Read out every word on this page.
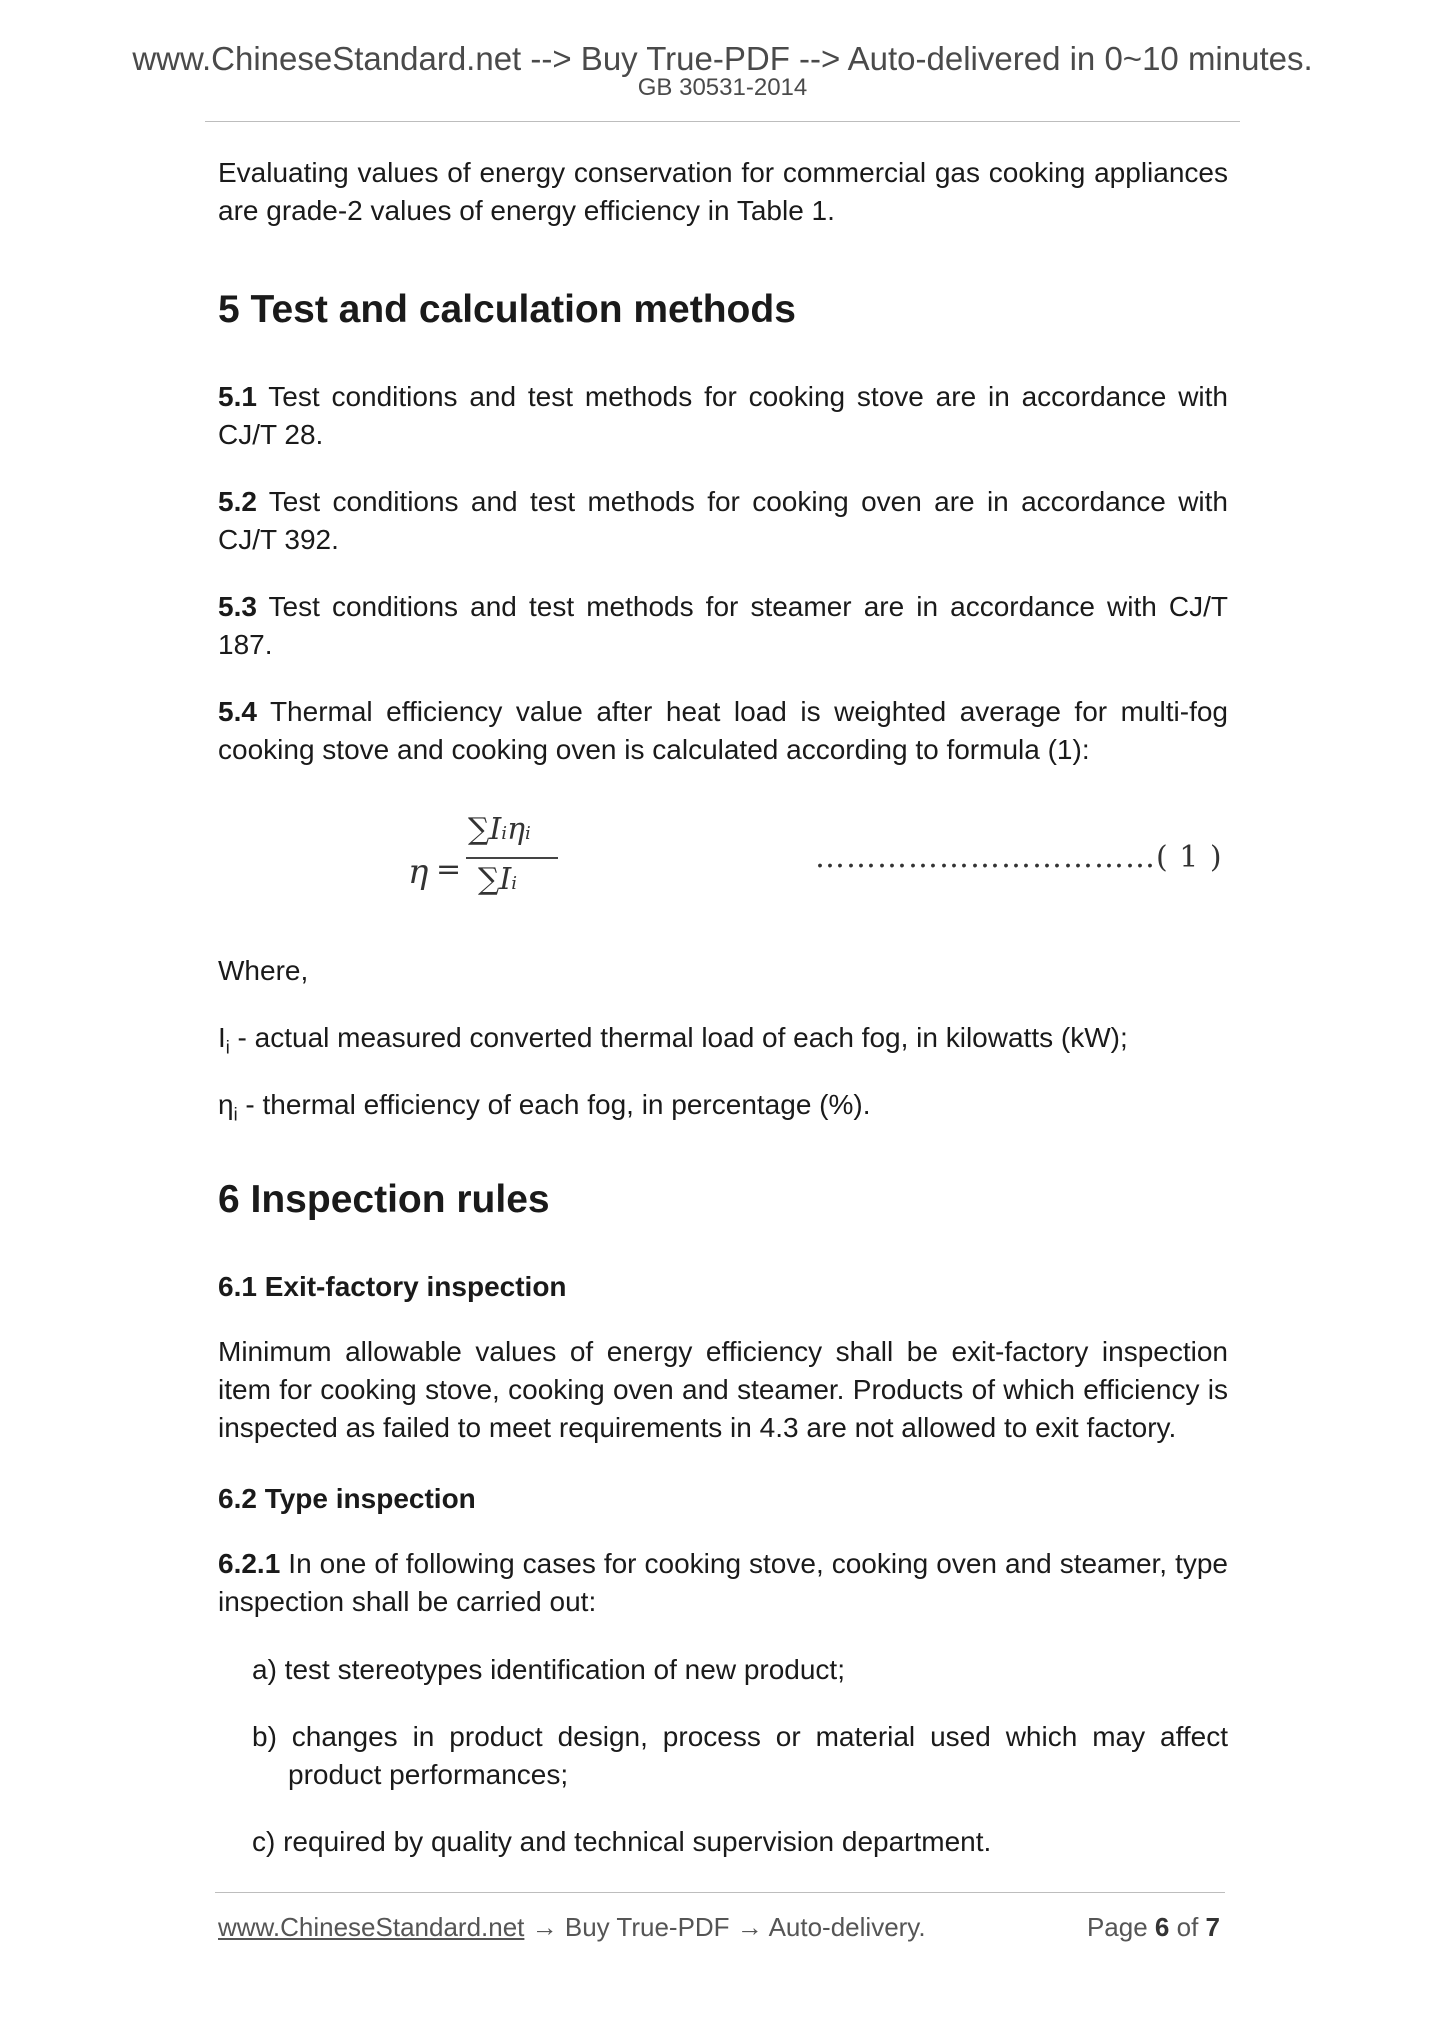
www.ChineseStandard.net --> Buy True-PDF --> Auto-delivered in 0~10 minutes.
GB 30531-2014
Evaluating values of energy conservation for commercial gas cooking appliances are grade-2 values of energy efficiency in Table 1.
5 Test and calculation methods
5.1 Test conditions and test methods for cooking stove are in accordance with CJ/T 28.
5.2 Test conditions and test methods for cooking oven are in accordance with CJ/T 392.
5.3 Test conditions and test methods for steamer are in accordance with CJ/T 187.
5.4 Thermal efficiency value after heat load is weighted average for multi-fog cooking stove and cooking oven is calculated according to formula (1):
η =
∑Iiηi
∑Ii
……………………………( 1 )
Where,
$I_i$ - actual measured converted thermal load of each fog, in kilowatts (kW);
$\eta_i$ - thermal efficiency of each fog, in percentage (%).
6 Inspection rules
6.1 Exit-factory inspection
Minimum allowable values of energy efficiency shall be exit-factory inspection item for cooking stove, cooking oven and steamer. Products of which efficiency is inspected as failed to meet requirements in 4.3 are not allowed to exit factory.
6.2 Type inspection
6.2.1 In one of following cases for cooking stove, cooking oven and steamer, type inspection shall be carried out:
a) test stereotypes identification of new product;
b) changes in product design, process or material used which may affect product performances;
c) required by quality and technical supervision department.
www.ChineseStandard.net → Buy True-PDF → Auto-delivery.	Page 6 of 7
